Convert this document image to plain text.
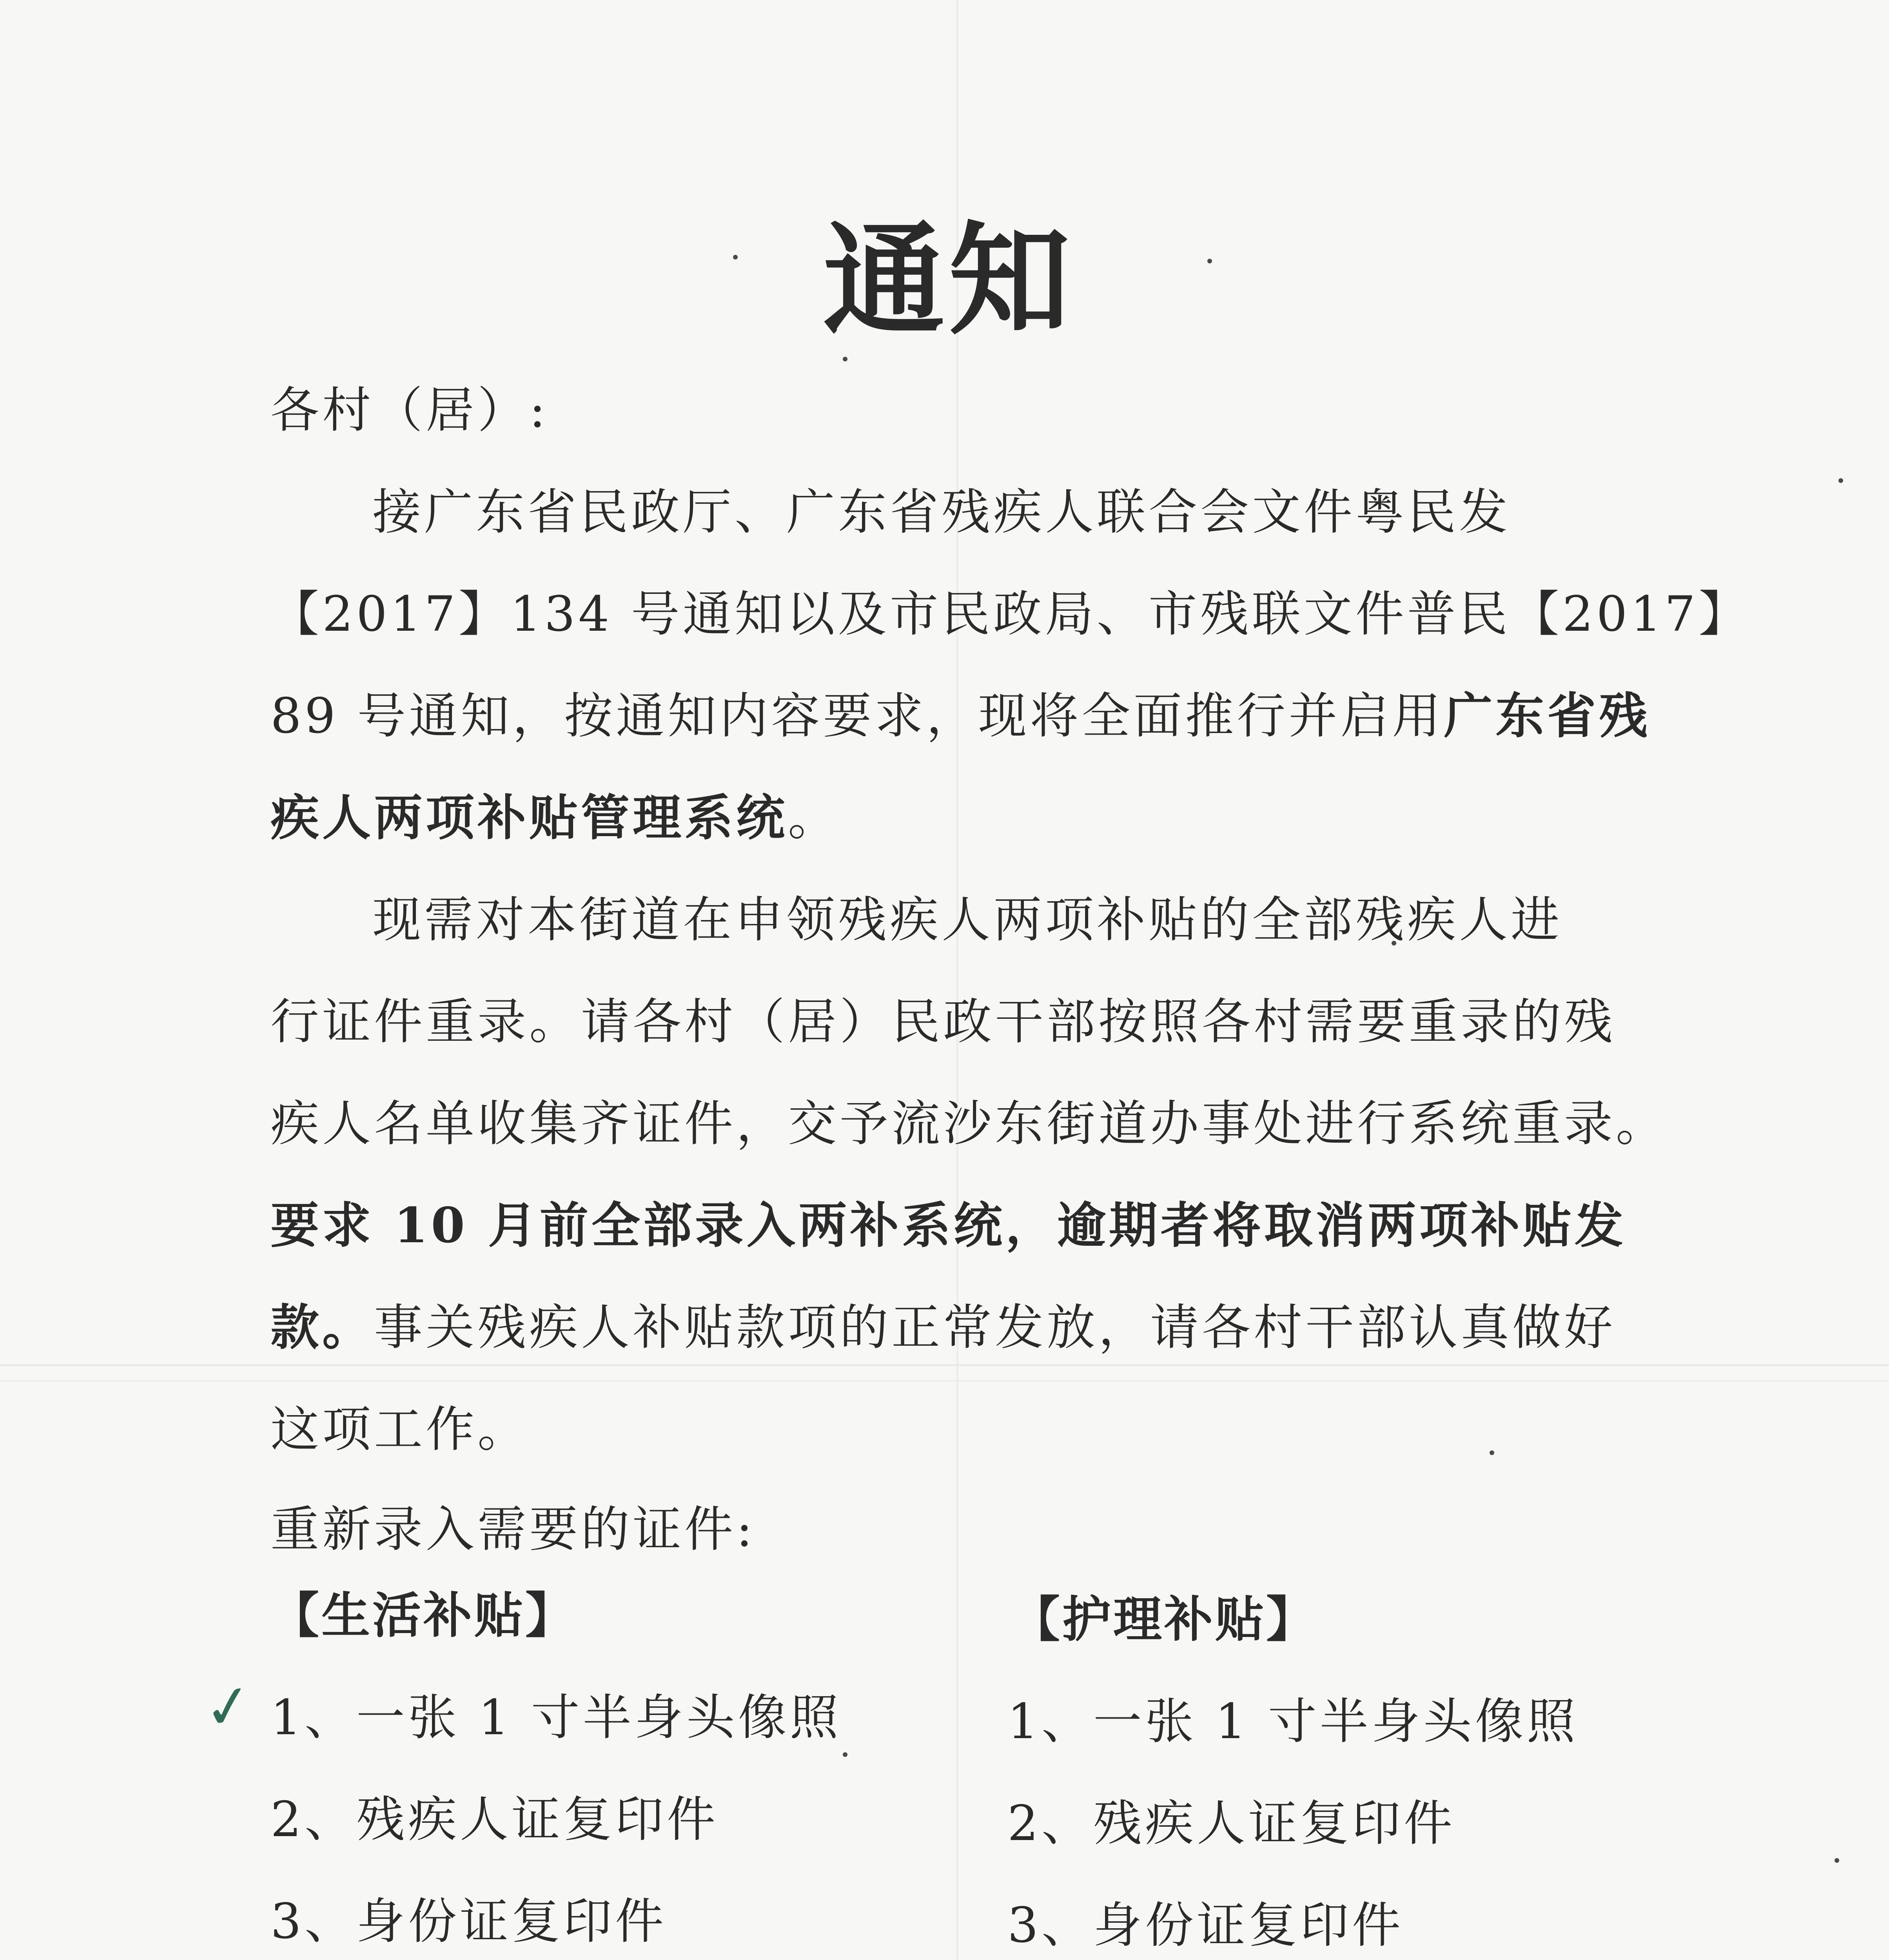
通知
各村（居）:
接广东省民政厅、广东省残疾人联合会文件粤民发
【2017】134 号通知以及市民政局、市残联文件普民【2017】
89 号通知，按通知内容要求，现将全面推行并启用广东省残
疾人两项补贴管理系统。
现需对本街道在申领残疾人两项补贴的全部残疾人进
行证件重录。请各村（居）民政干部按照各村需要重录的残
疾人名单收集齐证件，交予流沙东街道办事处进行系统重录。
要求 10 月前全部录入两补系统，逾期者将取消两项补贴发
款。事关残疾人补贴款项的正常发放，请各村干部认真做好
这项工作。
重新录入需要的证件:
【生活补贴】
✓ 1、一张 1 寸半身头像照
2、残疾人证复印件
3、身份证复印件
【护理补贴】
1、一张 1 寸半身头像照
2、残疾人证复印件
3、身份证复印件
